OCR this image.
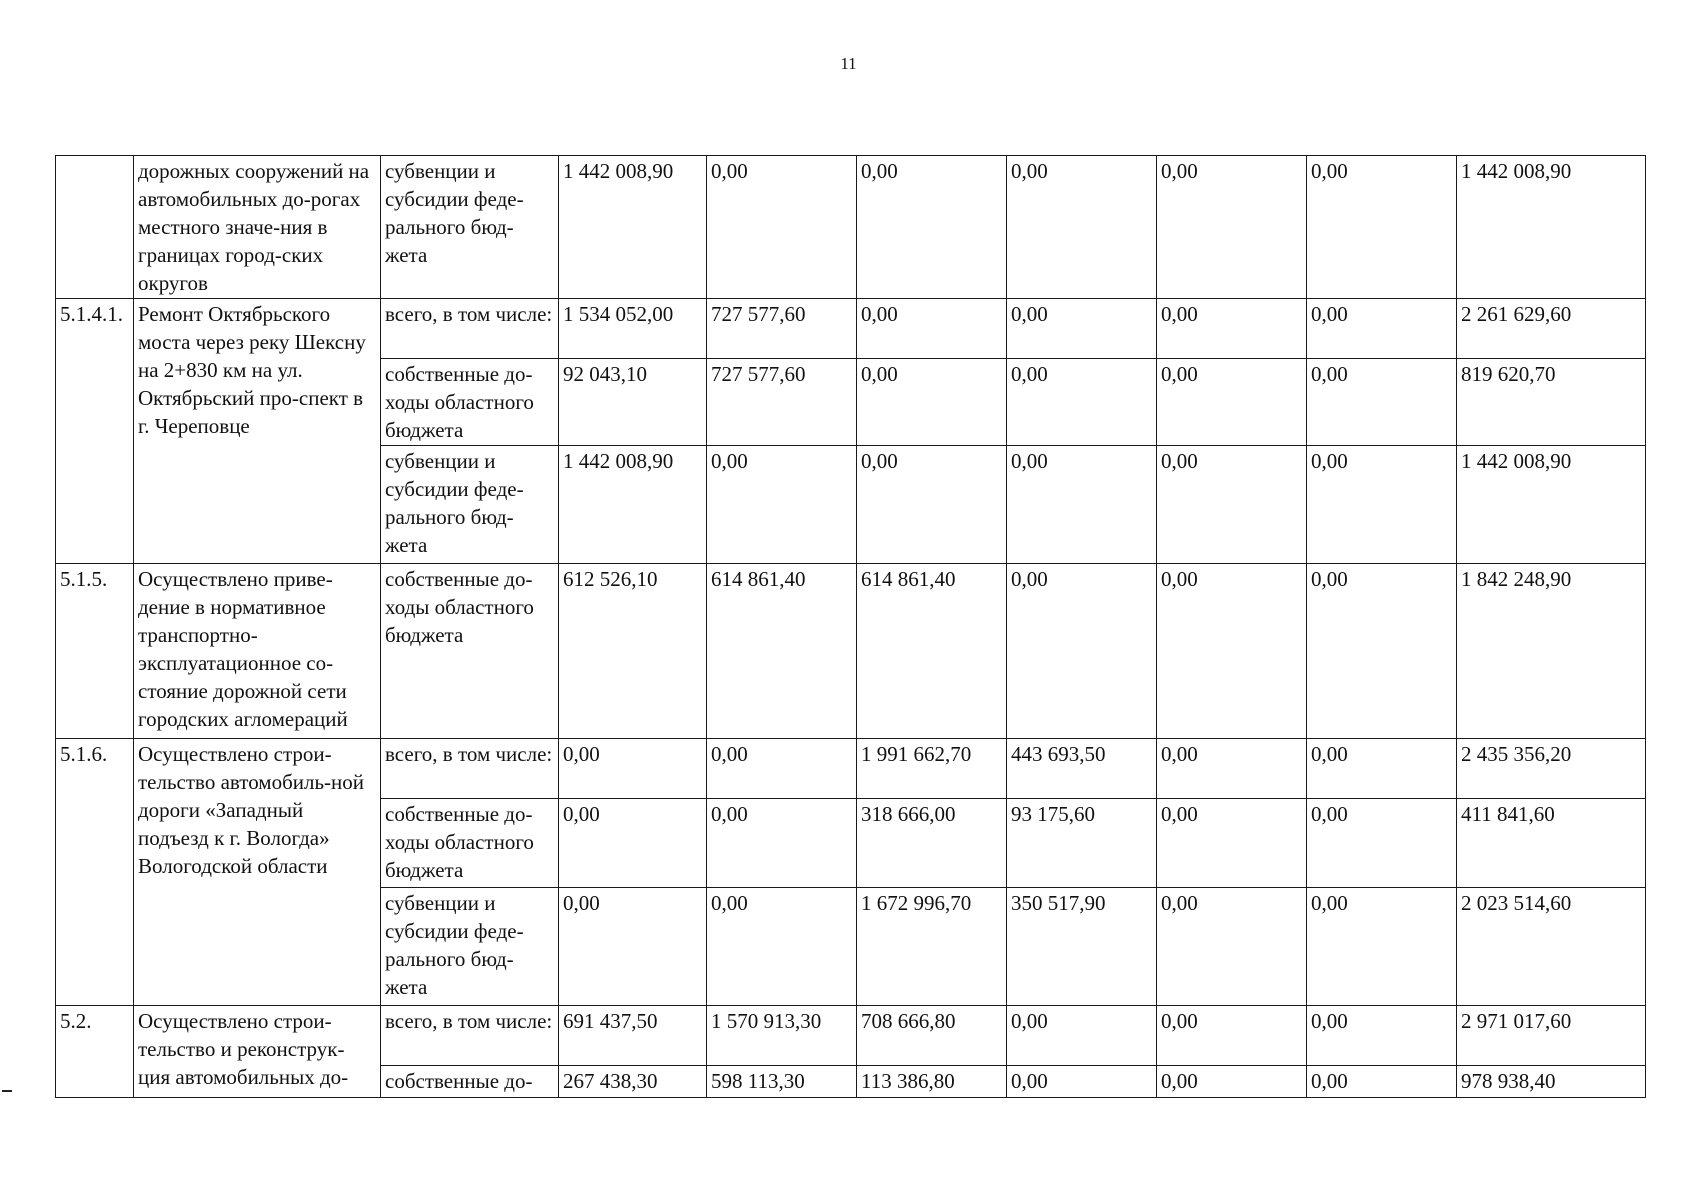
11
	дорожных сооружений на автомобильных до-рогах местного значе-ния в границах город-ских округов	субвенции и субсидии феде-рального бюд-жета	1 442 008,90	0,00	0,00	0,00	0,00	0,00	1 442 008,90
5.1.4.1.	Ремонт Октябрьского моста через реку Шексну на 2+830 км на ул. Октябрьский про-спект в г. Череповце	всего, в том числе:	1 534 052,00	727 577,60	0,00	0,00	0,00	0,00	2 261 629,60
		собственные до-ходы областного бюджета	92 043,10	727 577,60	0,00	0,00	0,00	0,00	819 620,70
		субвенции и субсидии феде-рального бюд-жета	1 442 008,90	0,00	0,00	0,00	0,00	0,00	1 442 008,90
5.1.5.	Осуществлено приве-дение в нормативное транспортно-эксплуатационное со-стояние дорожной сети городских агломераций	собственные до-ходы областного бюджета	612 526,10	614 861,40	614 861,40	0,00	0,00	0,00	1 842 248,90
5.1.6.	Осуществлено строи-тельство автомобиль-ной дороги «Западный подъезд к г. Вологда» Вологодской области	всего, в том числе:	0,00	0,00	1 991 662,70	443 693,50	0,00	0,00	2 435 356,20
		собственные до-ходы областного бюджета	0,00	0,00	318 666,00	93 175,60	0,00	0,00	411 841,60
		субвенции и субсидии феде-рального бюд-жета	0,00	0,00	1 672 996,70	350 517,90	0,00	0,00	2 023 514,60
5.2.	Осуществлено строи-тельство и реконструк-ция автомобильных до-	всего, в том числе:	691 437,50	1 570 913,30	708 666,80	0,00	0,00	0,00	2 971 017,60
		собственные до-	267 438,30	598 113,30	113 386,80	0,00	0,00	0,00	978 938,40
